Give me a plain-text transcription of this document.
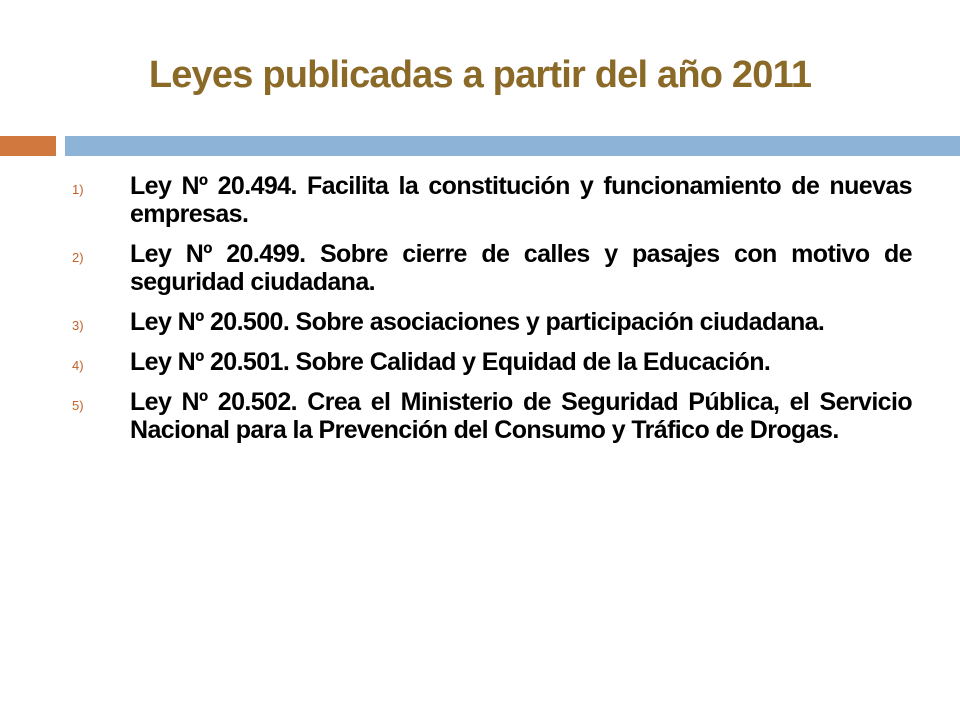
Leyes publicadas a partir del año 2011
1)	Ley Nº 20.494. Facilita la constitución y funcionamiento de nuevas empresas.
2)	Ley Nº 20.499. Sobre cierre de calles y pasajes con motivo de seguridad ciudadana.
3)	Ley Nº 20.500. Sobre asociaciones y participación ciudadana.
4)	Ley Nº 20.501. Sobre Calidad y Equidad de la Educación.
5)	Ley Nº 20.502. Crea el Ministerio de Seguridad Pública, el Servicio Nacional para la Prevención del Consumo y Tráfico de Drogas.
